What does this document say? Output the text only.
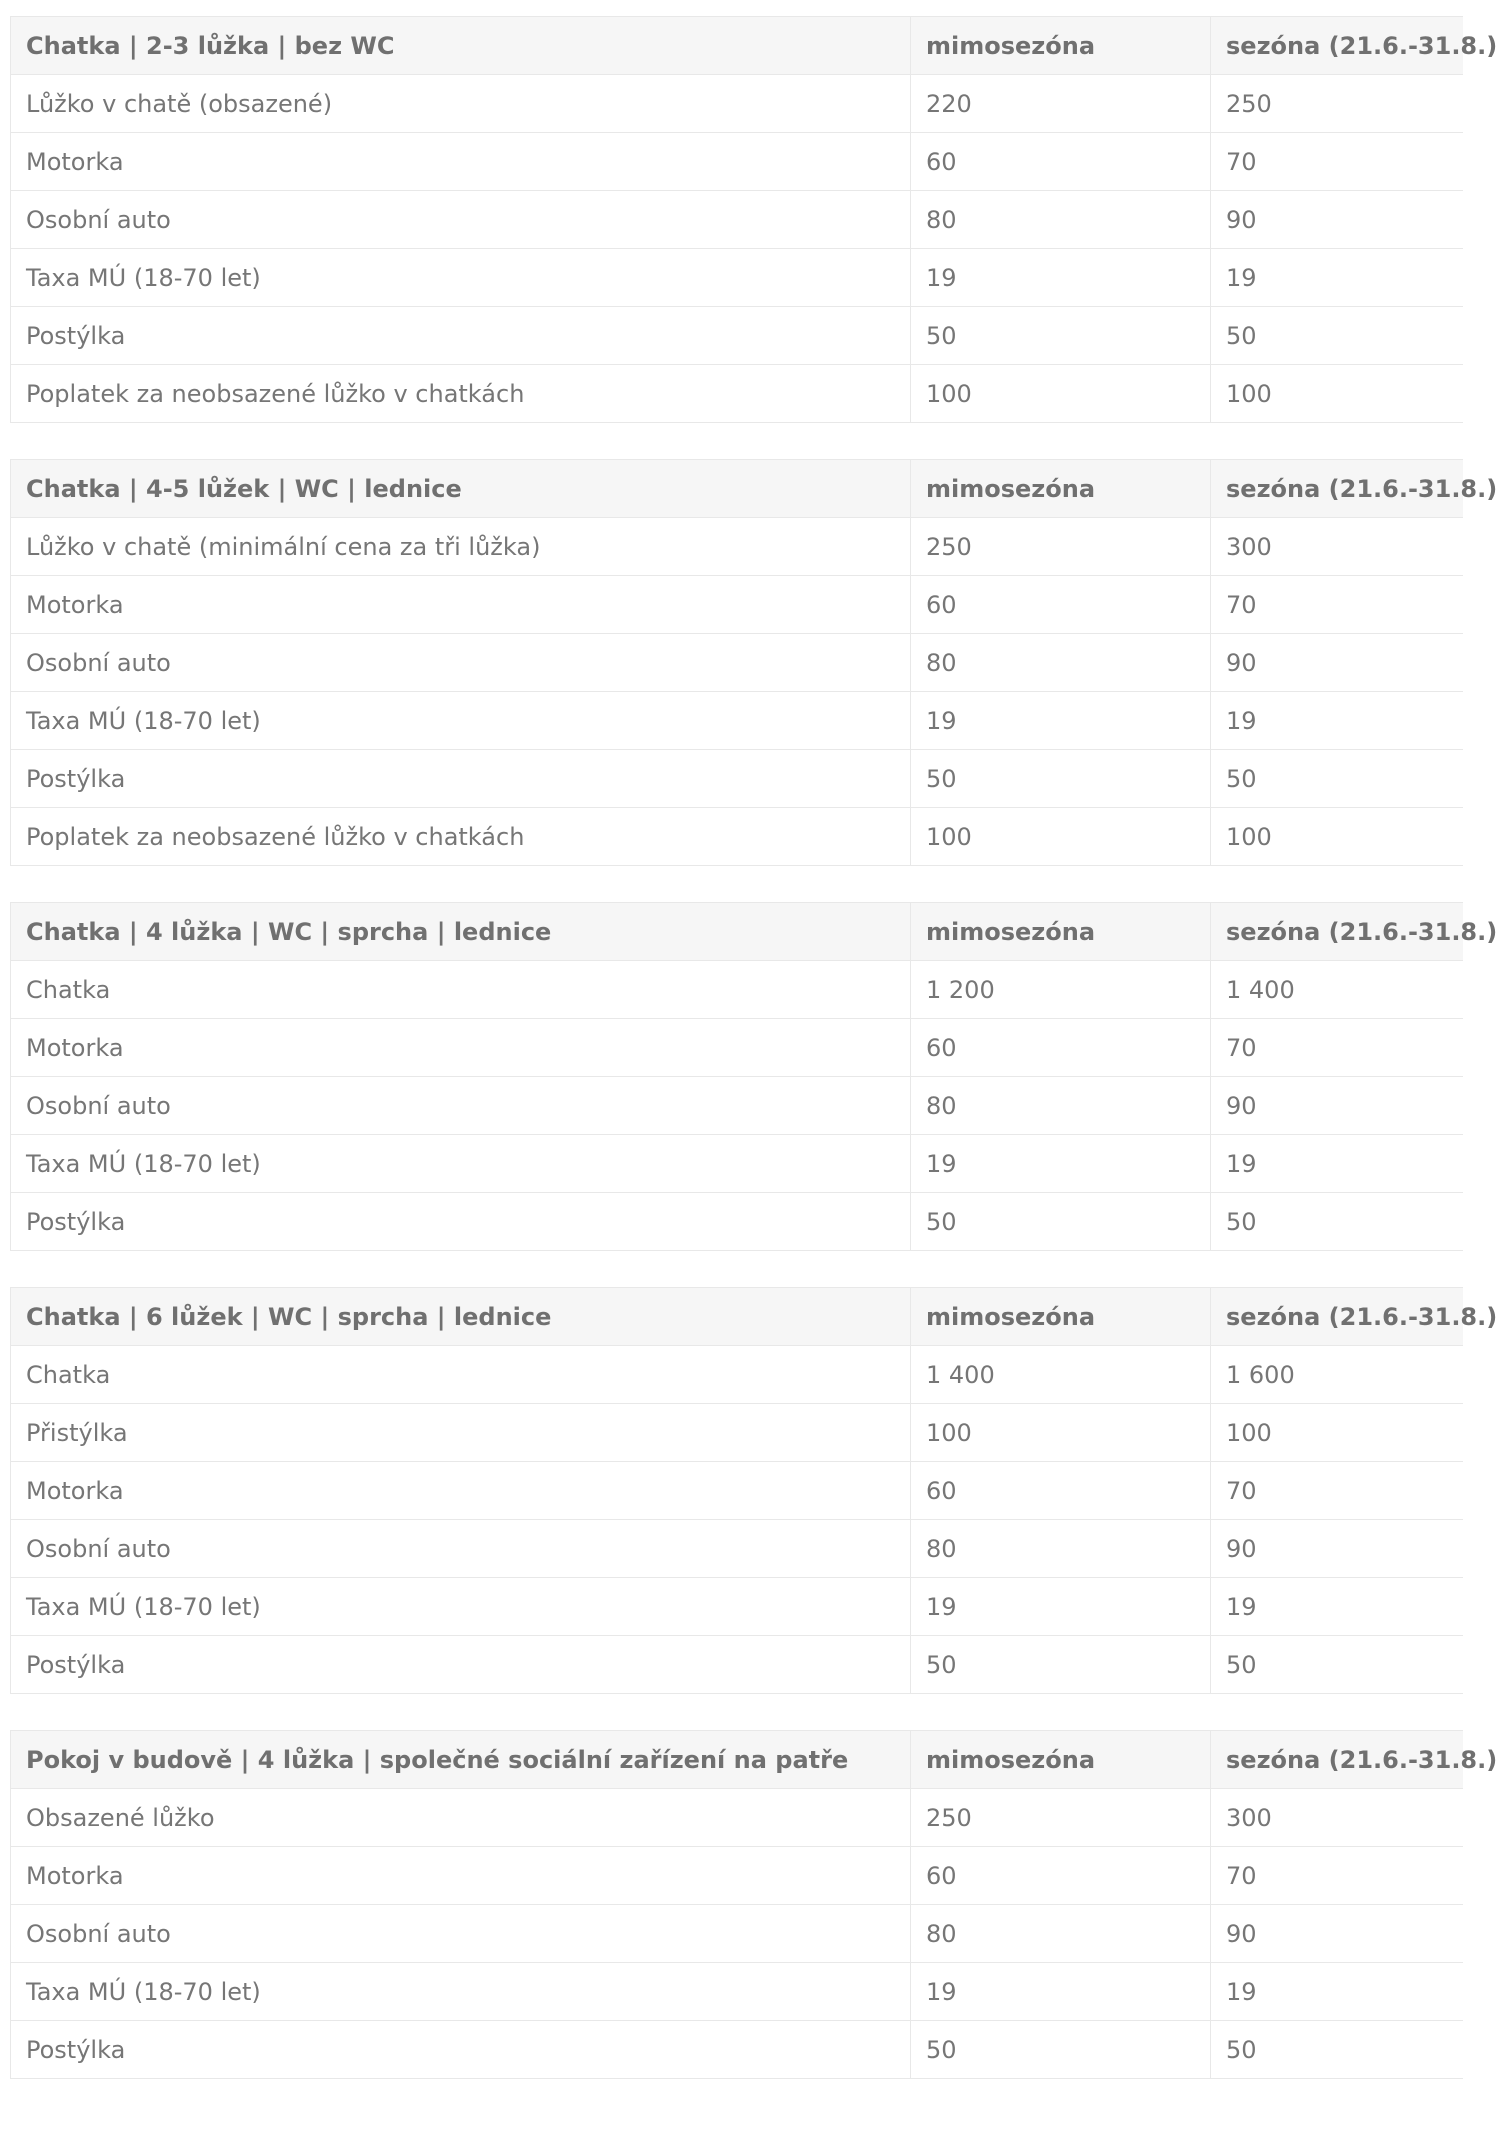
Chatka | 2-3 lůžka | bez WC	mimosezóna	sezóna (21.6.-31.8.)
Lůžko v chatě (obsazené)	220	250
Motorka	60	70
Osobní auto	80	90
Taxa MÚ (18-70 let)	19	19
Postýlka	50	50
Poplatek za neobsazené lůžko v chatkách	100	100
Chatka | 4-5 lůžek | WC | lednice	mimosezóna	sezóna (21.6.-31.8.)
Lůžko v chatě (minimální cena za tři lůžka)	250	300
Motorka	60	70
Osobní auto	80	90
Taxa MÚ (18-70 let)	19	19
Postýlka	50	50
Poplatek za neobsazené lůžko v chatkách	100	100
Chatka | 4 lůžka | WC | sprcha | lednice	mimosezóna	sezóna (21.6.-31.8.)
Chatka	1 200	1 400
Motorka	60	70
Osobní auto	80	90
Taxa MÚ (18-70 let)	19	19
Postýlka	50	50
Chatka | 6 lůžek | WC | sprcha | lednice	mimosezóna	sezóna (21.6.-31.8.)
Chatka	1 400	1 600
Přistýlka	100	100
Motorka	60	70
Osobní auto	80	90
Taxa MÚ (18-70 let)	19	19
Postýlka	50	50
Pokoj v budově | 4 lůžka | společné sociální zařízení na patře	mimosezóna	sezóna (21.6.-31.8.)
Obsazené lůžko	250	300
Motorka	60	70
Osobní auto	80	90
Taxa MÚ (18-70 let)	19	19
Postýlka	50	50
